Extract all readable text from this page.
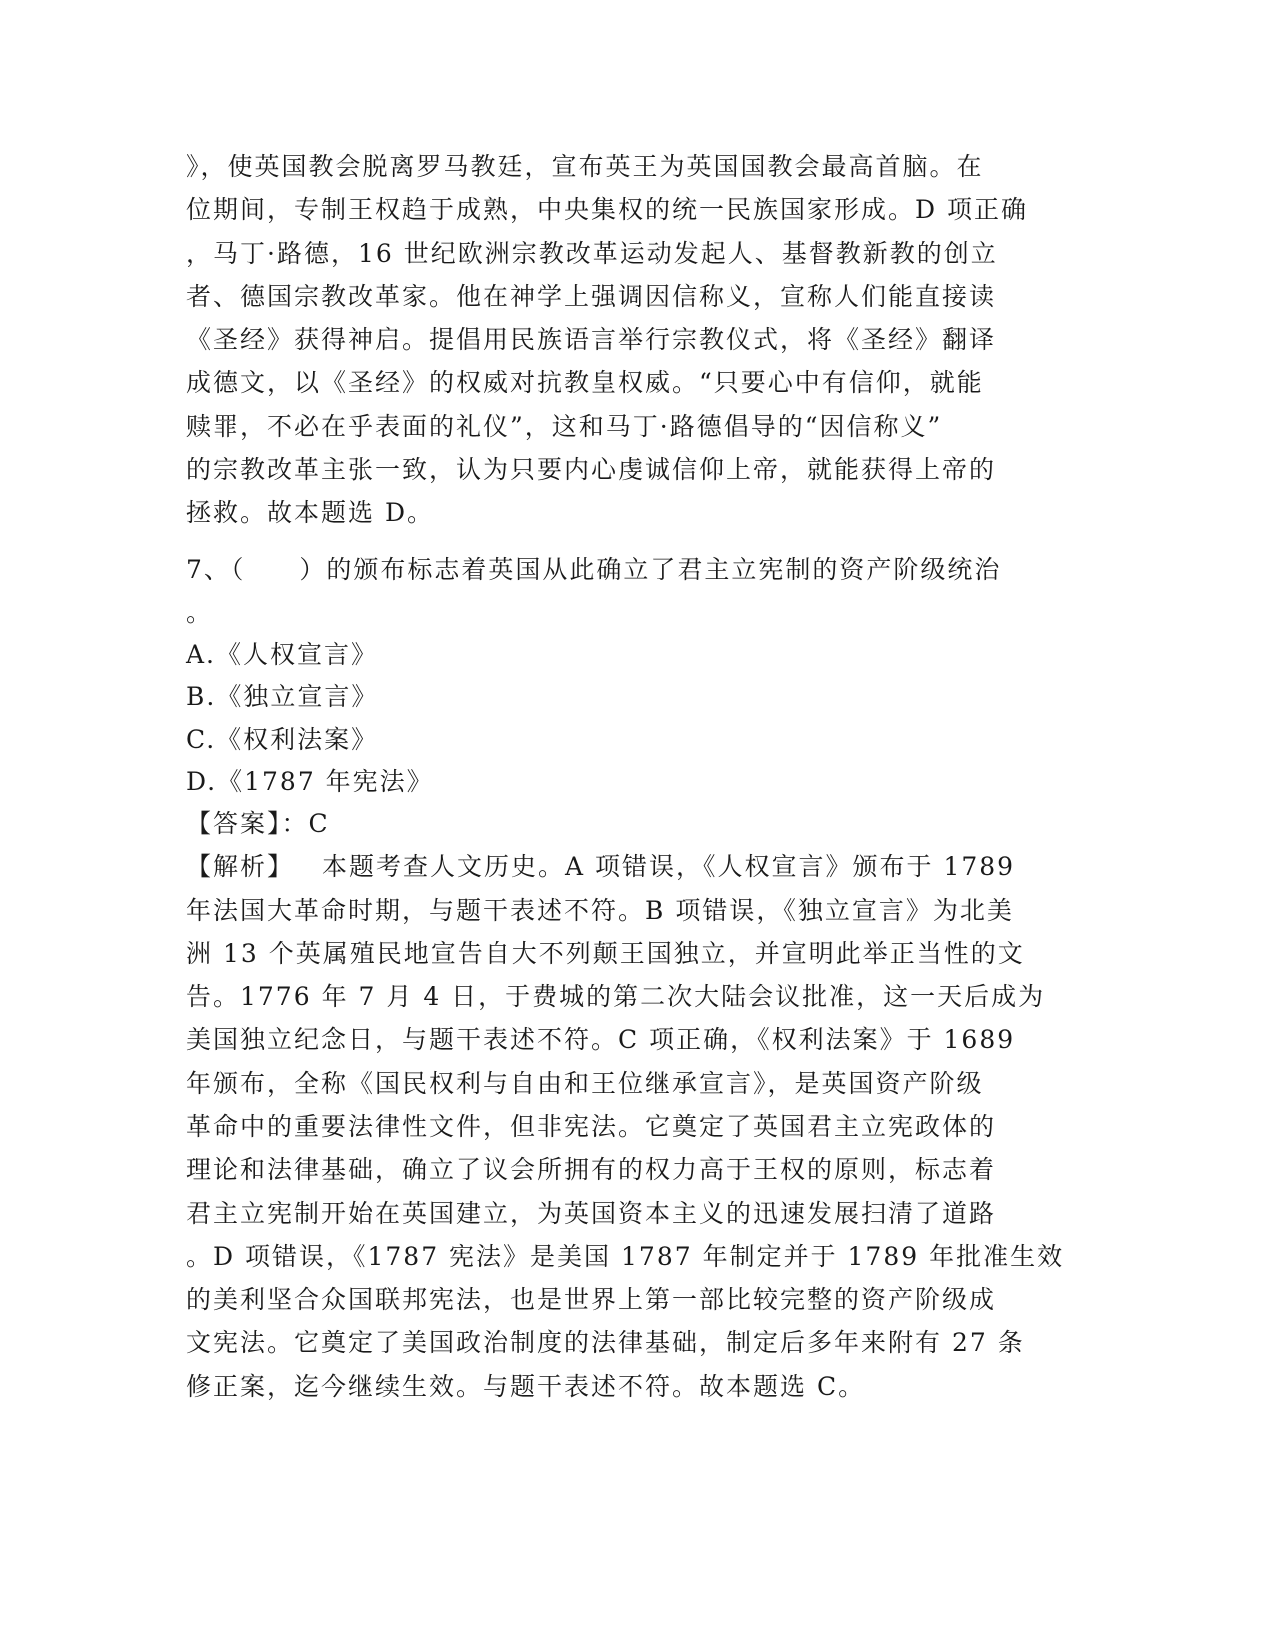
》，使英国教会脱离罗马教廷，宣布英王为英国国教会最高首脑。在
位期间，专制王权趋于成熟，中央集权的统一民族国家形成。D 项正确
，马丁·路德，16 世纪欧洲宗教改革运动发起人、基督教新教的创立
者、德国宗教改革家。他在神学上强调因信称义，宣称人们能直接读
《圣经》获得神启。提倡用民族语言举行宗教仪式，将《圣经》翻译
成德文，以《圣经》的权威对抗教皇权威。“只要心中有信仰，就能
赎罪，不必在乎表面的礼仪”，这和马丁·路德倡导的“因信称义”
的宗教改革主张一致，认为只要内心虔诚信仰上帝，就能获得上帝的
拯救。故本题选 D。
7、（　　）的颁布标志着英国从此确立了君主立宪制的资产阶级统治
。
A.《人权宣言》
B.《独立宣言》
C.《权利法案》
D.《1787 年宪法》
【答案】：C
【解析】 本题考查人文历史。A 项错误，《人权宣言》颁布于 1789
年法国大革命时期，与题干表述不符。B 项错误，《独立宣言》为北美
洲 13 个英属殖民地宣告自大不列颠王国独立，并宣明此举正当性的文
告。1776 年 7 月 4 日，于费城的第二次大陆会议批准，这一天后成为
美国独立纪念日，与题干表述不符。C 项正确，《权利法案》于 1689
年颁布，全称《国民权利与自由和王位继承宣言》，是英国资产阶级
革命中的重要法律性文件，但非宪法。它奠定了英国君主立宪政体的
理论和法律基础，确立了议会所拥有的权力高于王权的原则，标志着
君主立宪制开始在英国建立，为英国资本主义的迅速发展扫清了道路
。D 项错误，《1787 宪法》是美国 1787 年制定并于 1789 年批准生效
的美利坚合众国联邦宪法，也是世界上第一部比较完整的资产阶级成
文宪法。它奠定了美国政治制度的法律基础，制定后多年来附有 27 条
修正案，迄今继续生效。与题干表述不符。故本题选 C。
